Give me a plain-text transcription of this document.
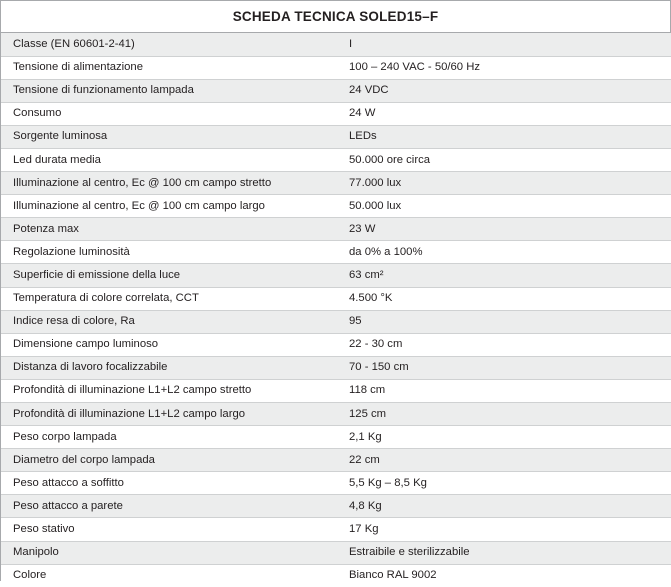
SCHEDA TECNICA SOLED15–F
Classe (EN 60601-2-41)	I
Tensione di alimentazione	100 – 240 VAC - 50/60 Hz
Tensione di funzionamento lampada	24 VDC
Consumo	24 W
Sorgente luminosa	LEDs
Led durata media	50.000 ore circa
Illuminazione al centro, Ec @ 100 cm campo stretto	77.000 lux
Illuminazione al centro, Ec @ 100 cm campo largo	50.000 lux
Potenza max	23 W
Regolazione luminosità	da 0% a 100%
Superficie di emissione della luce	63 cm²
Temperatura di colore correlata, CCT	4.500 °K
Indice resa di colore, Ra	95
Dimensione campo luminoso	22 - 30 cm
Distanza di lavoro focalizzabile	70 - 150 cm
Profondità di illuminazione L1+L2 campo stretto	118 cm
Profondità di illuminazione L1+L2 campo largo	125 cm
Peso corpo lampada	2,1 Kg
Diametro del corpo lampada	22 cm
Peso attacco a soffitto	5,5 Kg – 8,5 Kg
Peso attacco a parete	4,8 Kg
Peso stativo	17 Kg
Manipolo	Estraibile e sterilizzabile
Colore	Bianco RAL 9002
